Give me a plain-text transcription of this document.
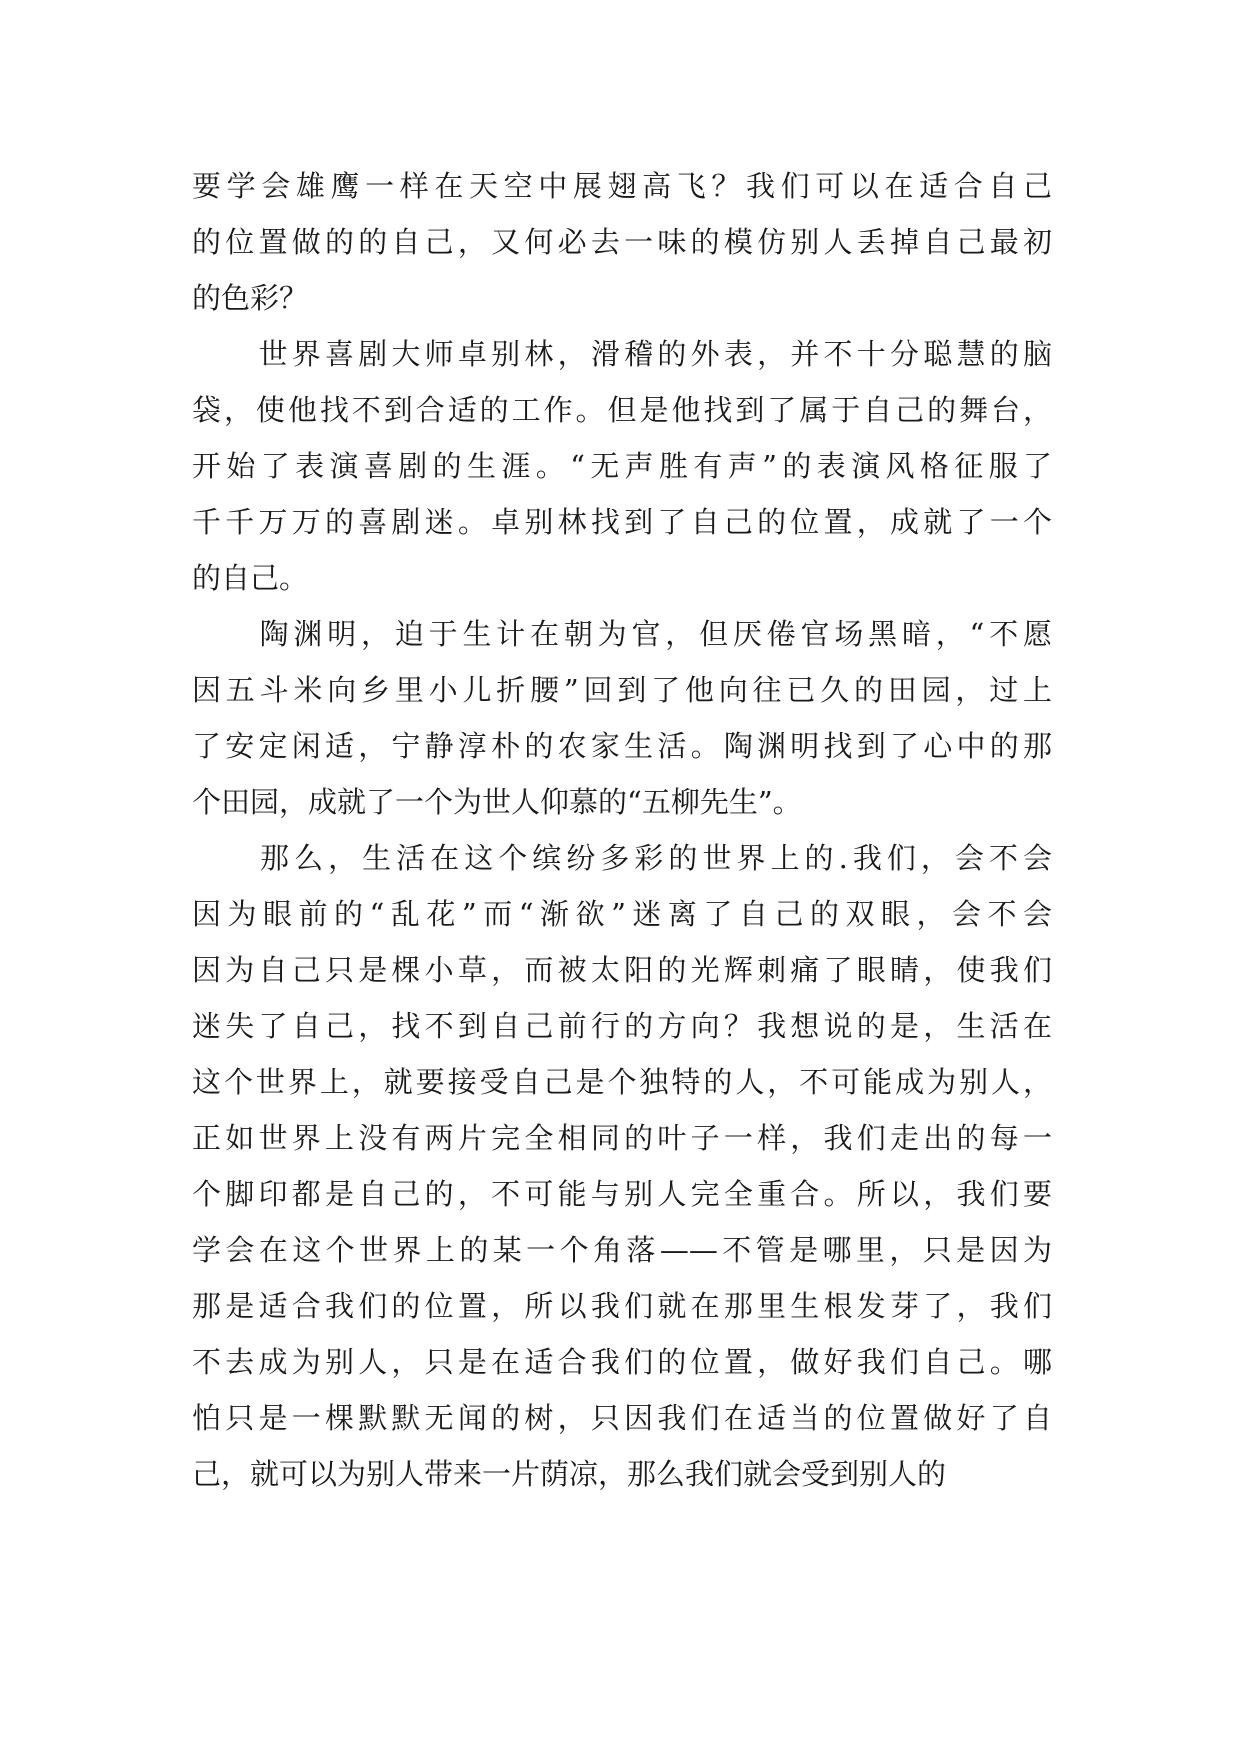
要学会雄鹰一样在天空中展翅高飞？我们可以在适合自己
的位置做的的自己，又何必去一味的模仿别人丢掉自己最初
的色彩？
　　世界喜剧大师卓别林，滑稽的外表，并不十分聪慧的脑
袋，使他找不到合适的工作。但是他找到了属于自己的舞台，
开始了表演喜剧的生涯。“无声胜有声”的表演风格征服了
千千万万的喜剧迷。卓别林找到了自己的位置，成就了一个
的自己。
　　陶渊明，迫于生计在朝为官，但厌倦官场黑暗，“不愿
因五斗米向乡里小儿折腰”回到了他向往已久的田园，过上
了安定闲适，宁静淳朴的农家生活。陶渊明找到了心中的那
个田园，成就了一个为世人仰慕的“五柳先生”。
　　那么，生活在这个缤纷多彩的世界上的.我们，会不会
因为眼前的“乱花”而“渐欲”迷离了自己的双眼，会不会
因为自己只是棵小草，而被太阳的光辉刺痛了眼睛，使我们
迷失了自己，找不到自己前行的方向？我想说的是，生活在
这个世界上，就要接受自己是个独特的人，不可能成为别人，
正如世界上没有两片完全相同的叶子一样，我们走出的每一
个脚印都是自己的，不可能与别人完全重合。所以，我们要
学会在这个世界上的某一个角落——不管是哪里，只是因为
那是适合我们的位置，所以我们就在那里生根发芽了，我们
不去成为别人，只是在适合我们的位置，做好我们自己。哪
怕只是一棵默默无闻的树，只因我们在适当的位置做好了自
己，就可以为别人带来一片荫凉，那么我们就会受到别人的
